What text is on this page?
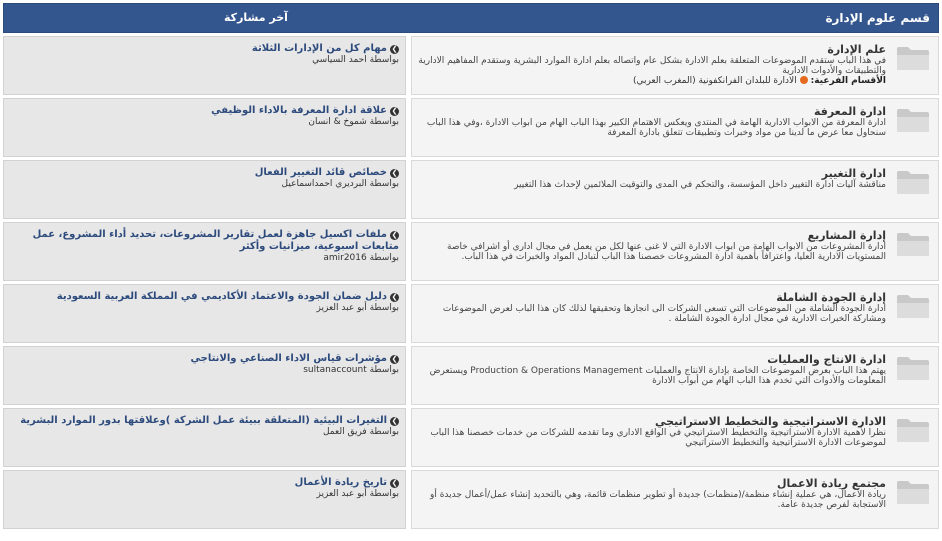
قسم علوم الإدارة
آخر مشاركة
علم الإدارة
في هذا الباب ستقدم الموضوعات المتعلقة بعلم الادارة بشكل عام واتصاله بعلم ادارة الموارد البشرية وستقدم المفاهيم الادارية والتطبيقات والأدوات الادارية
الأقسام الفرعية:الادارة للبلدان الفرانكفونية (المغرب العربي)
❯مهام كل من الإدارات الثلاثة
بواسطة احمد السياسي
ادارة المعرفة
ادارة المعرفة من الابواب الادارية الهامة في المنتدى ويعكس الاهتمام الكبير بهذا الباب الهام من ابواب الادارة ،وفي هذا الباب سنحاول معا عرض ما لدينا من مواد وخبرات وتطبيقات تتعلق بادارة المعرفة
❯علاقة ادارة المعرفة بالاداء الوظيفي
بواسطة شموخ & انسان
ادارة التغيير
مناقشة آليات ادارة التغيير داخل المؤسسة، والتحكم في المدى والتوقيت الملائمين لإحداث هذا التغيير
❯خصائص قائد التغيير الفعال
بواسطة البرديري احمداسماعيل
إدارة المشاريع
ادارة المشروعات من الابواب الهامة من ابواب الادارة التي لا غنى عنها لكل من يعمل في مجال اداري أو اشرافي خاصة المستويات الادارية العليا، واعترافاً بأهمية ادارة المشروعات خصصنا هذا الباب لتبادل المواد والخبرات في هذا الباب.
❯ملفات اكسيل جاهزة لعمل تقارير المشروعات، تحديد أداء المشروع، عمل متابعات اسبوعية، ميزانيات وأكثر
بواسطة amir2016
إدارة الجودة الشاملة
ادارة الجودة الشاملة من الموضوعات التي تسعى الشركات الى انجازها وتحقيقها لذلك كان هذا الباب لعرض الموضوعات ومشاركة الخبرات الادارية في مجال ادارة الجودة الشاملة .
❯دليل ضمان الجودة والاعتماد الأكاديمي في المملكة العربية السعودية
بواسطة أبو عبد العزيز
ادارة الانتاج والعمليات
يهتم هذا الباب بعرض الموضوعات الخاصة بإدارة الانتاج والعمليات Production & Operations Management ويستعرض المعلومات والأدوات التي تخدم هذا الباب الهام من أبواب الادارة
❯مؤشرات قياس الاداء الصناعي والانتاجي
بواسطة sultanaccount
الادارة الاستراتيجية والتخطيط الاستراتيجي
نظرا لأهمية الادارة الاستراتيجية والتخطيط الاستراتيجي في الواقع الاداري وما تقدمه للشركات من خدمات خصصنا هذا الباب لموضوعات الادارة الاستراتيجية والتخطيط الاستراتيجي
❯التغيرات البيئية (المتعلقة ببيئة عمل الشركة )وعلاقتها بدور الموارد البشرية
بواسطة فريق العمل
مجتمع ريادة الاعمال
ريادة الأعمال، هي عملية إنشاء منظمة/(منظمات) جديدة أو تطوير منظمات قائمة، وهي بالتحديد إنشاء عمل/أعمال جديدة أو الاستجابة لفرص جديدة عامة.
❯تاريخ ريادة الأعمال
بواسطة أبو عبد العزيز
